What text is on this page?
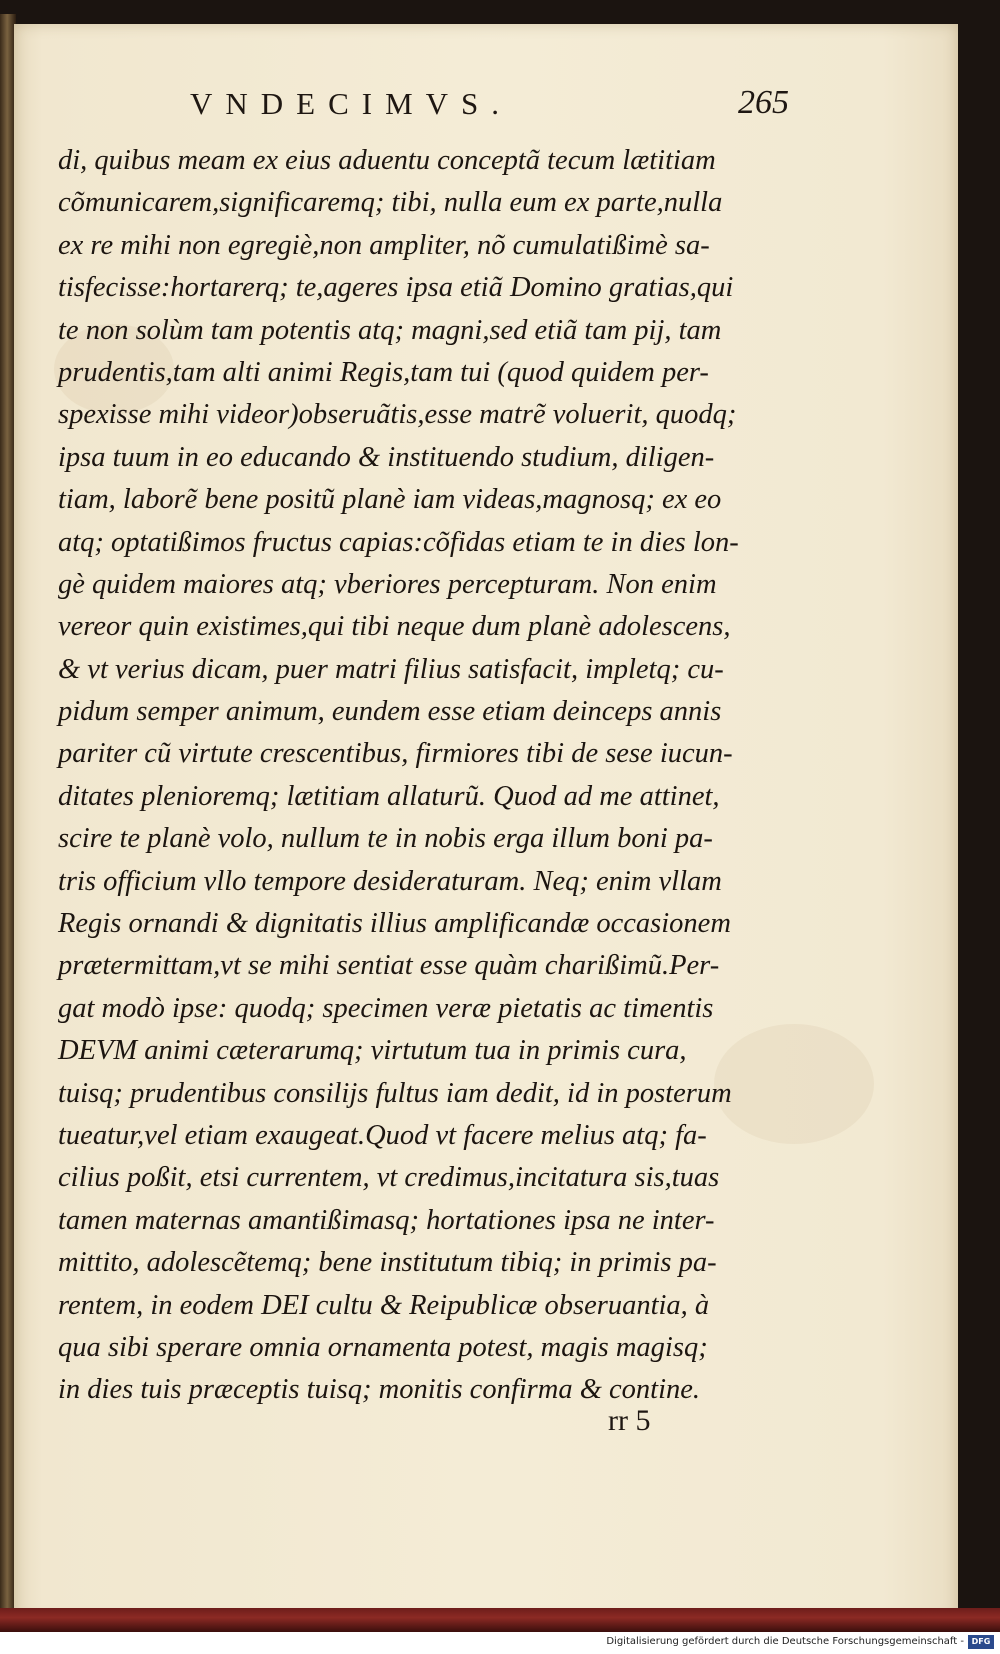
VNDECIMVS.	265
di, quibus meam ex eius aduentu conceptã tecum lætitiam
cõmunicarem,significaremq; tibi, nulla eum ex parte,nulla
ex re mihi non egregiè,non ampliter, nõ cumulatißimè sa-
tisfecisse:hortarerq; te,ageres ipsa etiã Domino gratias,qui
te non solùm tam potentis atq; magni,sed etiã tam pij, tam
prudentis,tam alti animi Regis,tam tui (quod quidem per-
spexisse mihi videor)obseruãtis,esse matrẽ voluerit, quodq;
ipsa tuum in eo educando & instituendo studium, diligen-
tiam, laborẽ bene positũ planè iam videas,magnosq; ex eo
atq; optatißimos fructus capias:cõfidas etiam te in dies lon-
gè quidem maiores atq; vberiores percepturam. Non enim
vereor quin existimes,qui tibi neque dum planè adolescens,
& vt verius dicam, puer matri filius satisfacit, impletq; cu-
pidum semper animum, eundem esse etiam deinceps annis
pariter cũ virtute crescentibus, firmiores tibi de sese iucun-
ditates plenioremq; lætitiam allaturũ. Quod ad me attinet,
scire te planè volo, nullum te in nobis erga illum boni pa-
tris officium vllo tempore desideraturam. Neq; enim vllam
Regis ornandi & dignitatis illius amplificandæ occasionem
prætermittam,vt se mihi sentiat esse quàm charißimũ.Per-
gat modò ipse: quodq; specimen veræ pietatis ac timentis
DEVM animi cæterarumq; virtutum tua in primis cura,
tuisq; prudentibus consilijs fultus iam dedit, id in posterum
tueatur,vel etiam exaugeat.Quod vt facere melius atq; fa-
cilius poßit, etsi currentem, vt credimus,incitatura sis,tuas
tamen maternas amantißimasq; hortationes ipsa ne inter-
mittito, adolescẽtemq; bene institutum tibiq; in primis pa-
rentem, in eodem DEI cultu & Reipublicæ obseruantia, à
qua sibi sperare omnia ornamenta potest, magis magisq;
in dies tuis præceptis tuisq; monitis confirma & contine.
rr 5
Digitalisierung gefördert durch die Deutsche Forschungsgemeinschaft - DFG
